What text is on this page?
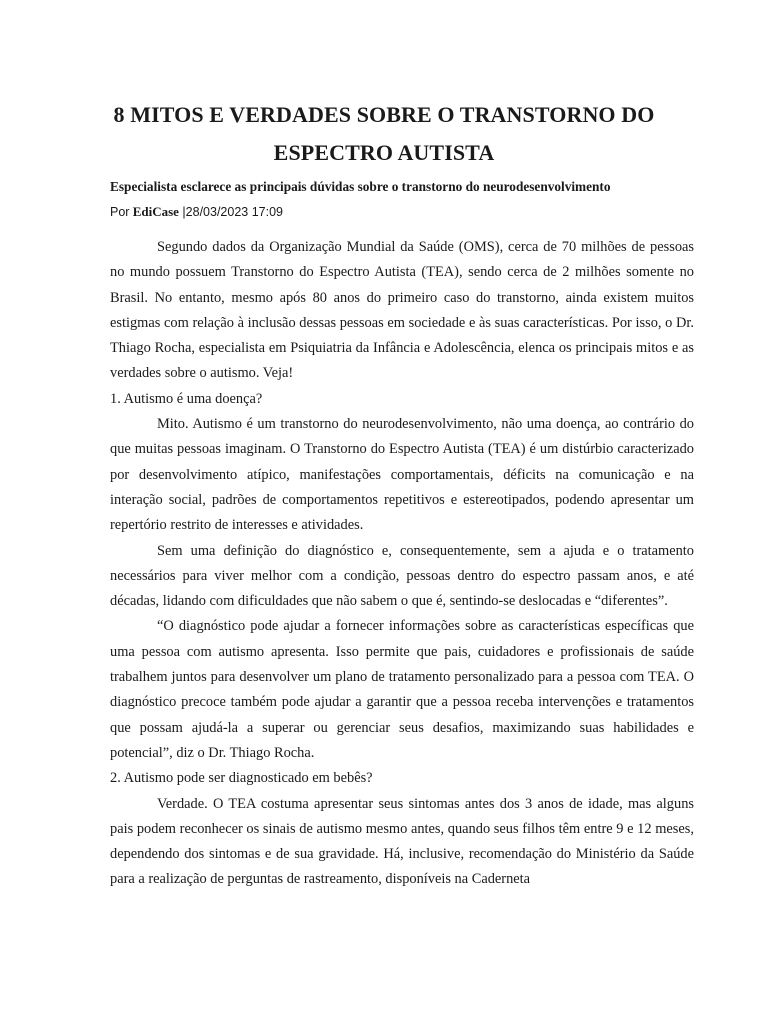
8 MITOS E VERDADES SOBRE O TRANSTORNO DO ESPECTRO AUTISTA

Especialista esclarece as principais dúvidas sobre o transtorno do neurodesenvolvimento

Por EdiCase |28/03/2023 17:09

Segundo dados da Organização Mundial da Saúde (OMS), cerca de 70 milhões de pessoas no mundo possuem Transtorno do Espectro Autista (TEA), sendo cerca de 2 milhões somente no Brasil. No entanto, mesmo após 80 anos do primeiro caso do transtorno, ainda existem muitos estigmas com relação à inclusão dessas pessoas em sociedade e às suas características. Por isso, o Dr. Thiago Rocha, especialista em Psiquiatria da Infância e Adolescência, elenca os principais mitos e as verdades sobre o autismo. Veja!

1. Autismo é uma doença?

Mito. Autismo é um transtorno do neurodesenvolvimento, não uma doença, ao contrário do que muitas pessoas imaginam. O Transtorno do Espectro Autista (TEA) é um distúrbio caracterizado por desenvolvimento atípico, manifestações comportamentais, déficits na comunicação e na interação social, padrões de comportamentos repetitivos e estereotipados, podendo apresentar um repertório restrito de interesses e atividades.

Sem uma definição do diagnóstico e, consequentemente, sem a ajuda e o tratamento necessários para viver melhor com a condição, pessoas dentro do espectro passam anos, e até décadas, lidando com dificuldades que não sabem o que é, sentindo-se deslocadas e “diferentes”.

“O diagnóstico pode ajudar a fornecer informações sobre as características específicas que uma pessoa com autismo apresenta. Isso permite que pais, cuidadores e profissionais de saúde trabalhem juntos para desenvolver um plano de tratamento personalizado para a pessoa com TEA. O diagnóstico precoce também pode ajudar a garantir que a pessoa receba intervenções e tratamentos que possam ajudá-la a superar ou gerenciar seus desafios, maximizando suas habilidades e potencial”, diz o Dr. Thiago Rocha.

2. Autismo pode ser diagnosticado em bebês?

Verdade. O TEA costuma apresentar seus sintomas antes dos 3 anos de idade, mas alguns pais podem reconhecer os sinais de autismo mesmo antes, quando seus filhos têm entre 9 e 12 meses, dependendo dos sintomas e de sua gravidade. Há, inclusive, recomendação do Ministério da Saúde para a realização de perguntas de rastreamento, disponíveis na Caderneta
